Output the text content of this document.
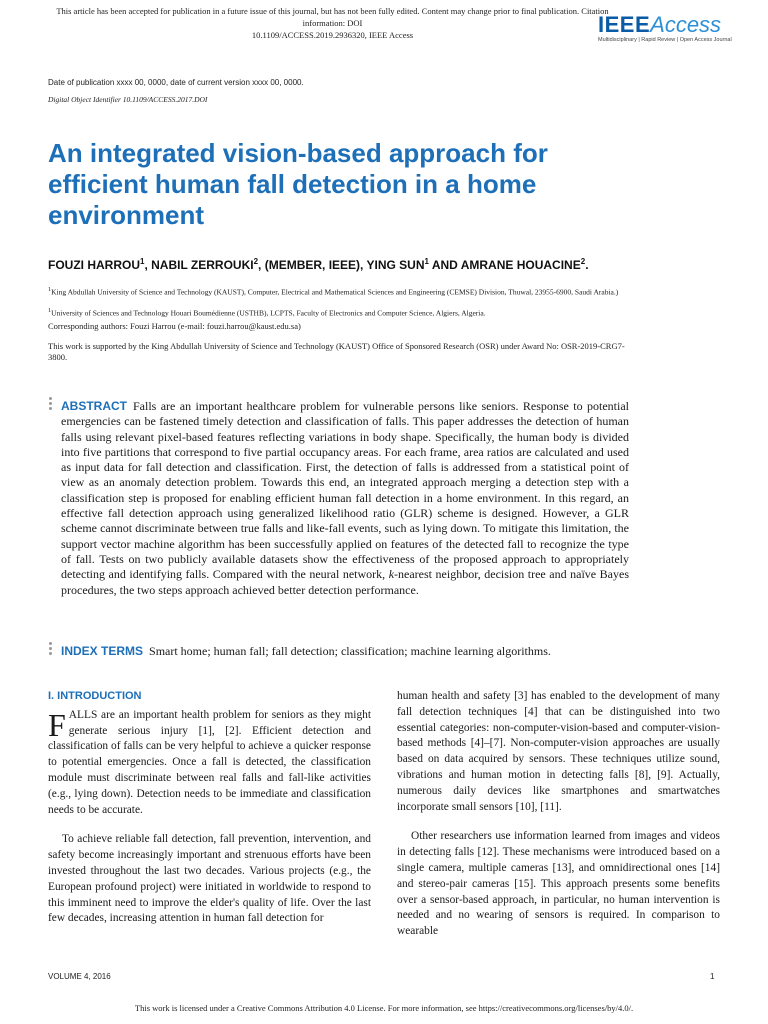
This article has been accepted for publication in a future issue of this journal, but has not been fully edited. Content may change prior to final publication. Citation information: DOI
10.1109/ACCESS.2019.2936320, IEEE Access	IEEEAccess
Multidisciplinary | Rapid Review | Open Access Journal
Date of publication xxxx 00, 0000, date of current version xxxx 00, 0000.
Digital Object Identifier 10.1109/ACCESS.2017.DOI
An integrated vision-based approach for efficient human fall detection in a home environment
FOUZI HARROU$^1$, NABIL ZERROUKI$^2$, (MEMBER, IEEE), YING SUN$^1$ AND AMRANE HOUACINE$^2$.
$^1$King Abdullah University of Science and Technology (KAUST), Computer, Electrical and Mathematical Sciences and Engineering (CEMSE) Division, Thuwal, 23955-6900, Saudi Arabia.)
$^1$University of Sciences and Technology Houari Boumédienne (USTHB), LCPTS, Faculty of Electronics and Computer Science, Algiers, Algeria.
Corresponding authors: Fouzi Harrou (e-mail: fouzi.harrou@kaust.edu.sa)
This work is supported by the King Abdullah University of Science and Technology (KAUST) Office of Sponsored Research (OSR) under Award No: OSR-2019-CRG7-3800.

ABSTRACT Falls are an important healthcare problem for vulnerable persons like seniors. Response to potential emergencies can be fastened timely detection and classification of falls. This paper addresses the detection of human falls using relevant pixel-based features reflecting variations in body shape. Specifically, the human body is divided into five partitions that correspond to five partial occupancy areas. For each frame, area ratios are calculated and used as input data for fall detection and classification. First, the detection of falls is addressed from a statistical point of view as an anomaly detection problem. Towards this end, an integrated approach merging a detection step with a classification step is proposed for enabling efficient human fall detection in a home environment. In this regard, an effective fall detection approach using generalized likelihood ratio (GLR) scheme is designed. However, a GLR scheme cannot discriminate between true falls and like-fall events, such as lying down. To mitigate this limitation, the support vector machine algorithm has been successfully applied on features of the detected fall to recognize the type of fall. Tests on two publicly available datasets show the effectiveness of the proposed approach to appropriately detecting and identifying falls. Compared with the neural network, k-nearest neighbor, decision tree and naïve Bayes procedures, the two steps approach achieved better detection performance.

INDEX TERMS Smart home; human fall; fall detection; classification; machine learning algorithms.

I. INTRODUCTION

FALLS are an important health problem for seniors as they might generate serious injury [1], [2]. Efficient detection and classification of falls can be very helpful to achieve a quicker response to potential emergencies. Once a fall is detected, the classification module must discriminate between real falls and fall-like activities (e.g., lying down). Detection needs to be immediate and classification needs to be accurate.

To achieve reliable fall detection, fall prevention, intervention, and safety become increasingly important and strenuous efforts have been invested throughout the last two decades. Various projects (e.g., the European profound project) were initiated in worldwide to respond to this imminent need to improve the elder's quality of life. Over the last few decades, increasing attention in human fall detection for

human health and safety [3] has enabled to the development of many fall detection techniques [4] that can be distinguished into two essential categories: non-computer-vision-based and computer-vision-based methods [4]–[7]. Non-computer-vision approaches are usually based on data acquired by sensors. These techniques utilize sound, vibrations and human motion in detecting falls [8], [9]. Actually, numerous daily devices like smartphones and smartwatches incorporate small sensors [10], [11].

Other researchers use information learned from images and videos in detecting falls [12]. These mechanisms were introduced based on a single camera, multiple cameras [13], and omnidirectional ones [14] and stereo-pair cameras [15]. This approach presents some benefits over a sensor-based approach, in particular, no human intervention is needed and no wearing of sensors is required. In comparison to wearable

VOLUME 4, 2016	1
This work is licensed under a Creative Commons Attribution 4.0 License. For more information, see https://creativecommons.org/licenses/by/4.0/.
